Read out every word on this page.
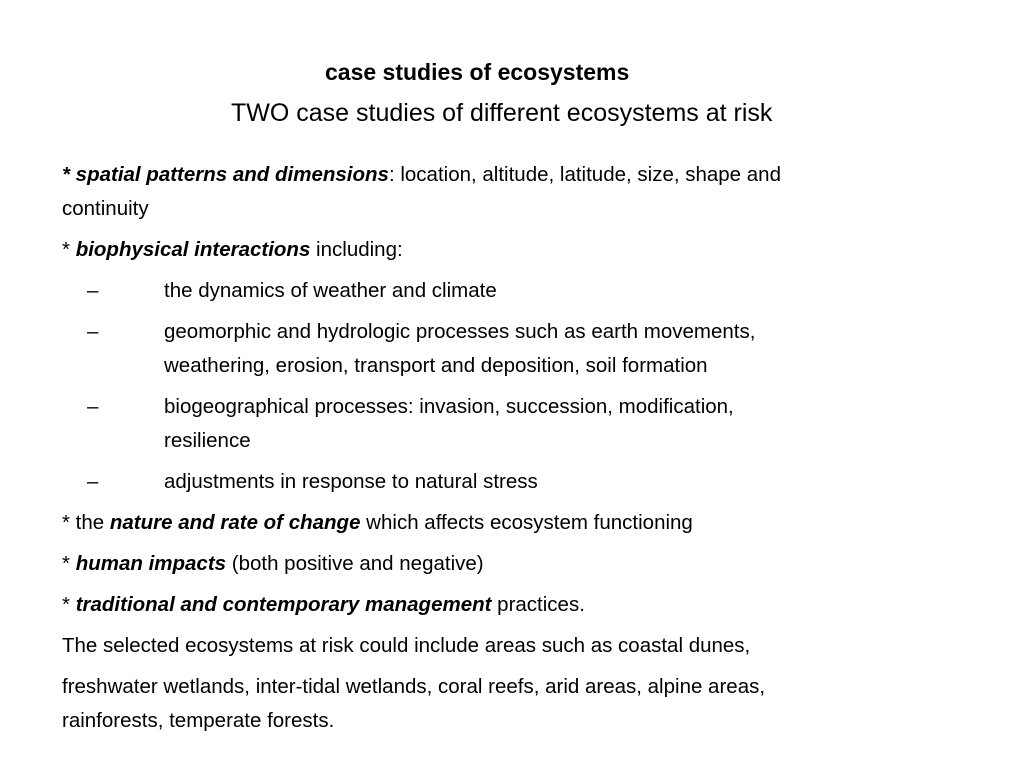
case studies of ecosystems
TWO case studies of different ecosystems at risk
* spatial patterns and dimensions: location, altitude, latitude, size, shape and
continuity
* biophysical interactions including:
–	the dynamics of weather and climate
–	geomorphic and hydrologic processes such as earth movements,
weathering, erosion, transport and deposition, soil formation
–	biogeographical processes: invasion, succession, modification,
resilience
–	adjustments in response to natural stress
* the nature and rate of change which affects ecosystem functioning
* human impacts (both positive and negative)
* traditional and contemporary management practices.
The selected ecosystems at risk could include areas such as coastal dunes,
freshwater wetlands, inter-tidal wetlands, coral reefs, arid areas, alpine areas,
rainforests, temperate forests.
